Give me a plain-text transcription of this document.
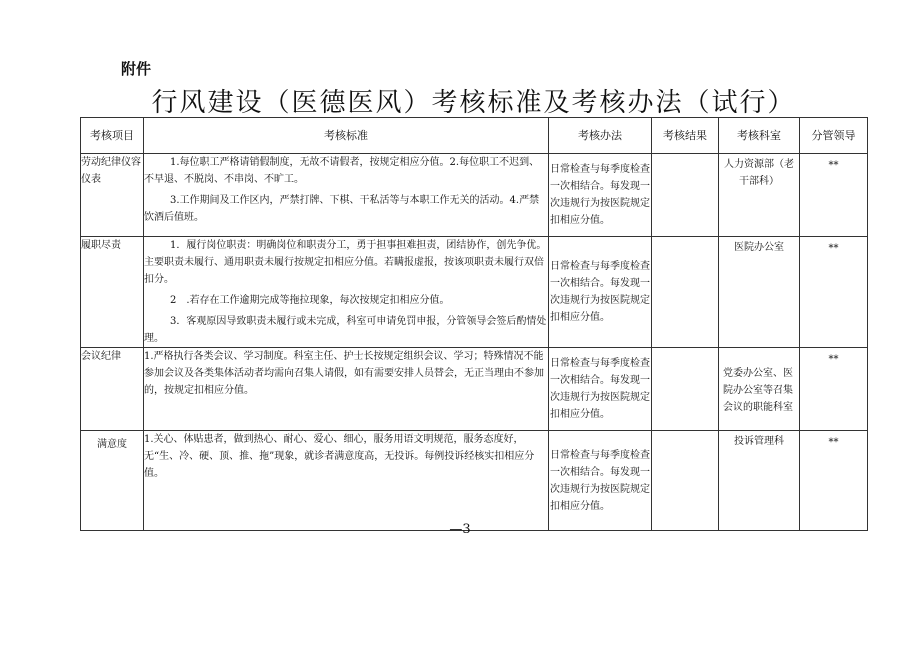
附件
行风建设（医德医风）考核标准及考核办法（试行）
考核项目	考核标准	考核办法	考核结果	考核科室	分管领导
劳动纪律仪容仪表	1.每位职工严格请销假制度，无故不请假者，按规定相应分值。2.每位职工不迟到、不早退、不脱岗、不串岗、不旷工。

3.工作期间及工作区内，严禁打牌、下棋、干私活等与本职工作无关的活动。4.严禁饮酒后值班。	日常检查与每季度检查一次相结合。每发现一次违规行为按医院规定扣相应分值。		人力资源部（老干部科）	**
履职尽责	1．履行岗位职责：明确岗位和职责分工，勇于担事担难担责，团结协作，创先争优。主要职责未履行、通用职责未履行按规定扣相应分值。若瞒报虚报，按该项职责未履行双倍扣分。

2　.若存在工作逾期完成等拖拉现象，每次按规定扣相应分值。

3．客观原因导致职责未履行或未完成，科室可申请免罚申报，分管领导会签后酌情处理。	日常检查与每季度检查一次相结合。每发现一次违规行为按医院规定扣相应分值。		医院办公室	**
会议纪律	1.严格执行各类会议、学习制度。科室主任、护士长按规定组织会议、学习；特殊情况不能参加会议及各类集体活动者均需向召集人请假，如有需要安排人员替会，无正当理由不参加的，按规定扣相应分值。	日常检查与每季度检查一次相结合。每发现一次违规行为按医院规定扣相应分值。		党委办公室、医院办公室等召集会议的职能科室	**
满意度	1.关心、体贴患者，做到热心、耐心、爱心、细心，服务用语文明规范，服务态度好，无“生、冷、硬、顶、推、拖”现象，就诊者满意度高，无投诉。每例投诉经核实扣相应分值。	日常检查与每季度检查一次相结合。每发现一次违规行为按医院规定扣相应分值。		投诉管理科	**
—3
